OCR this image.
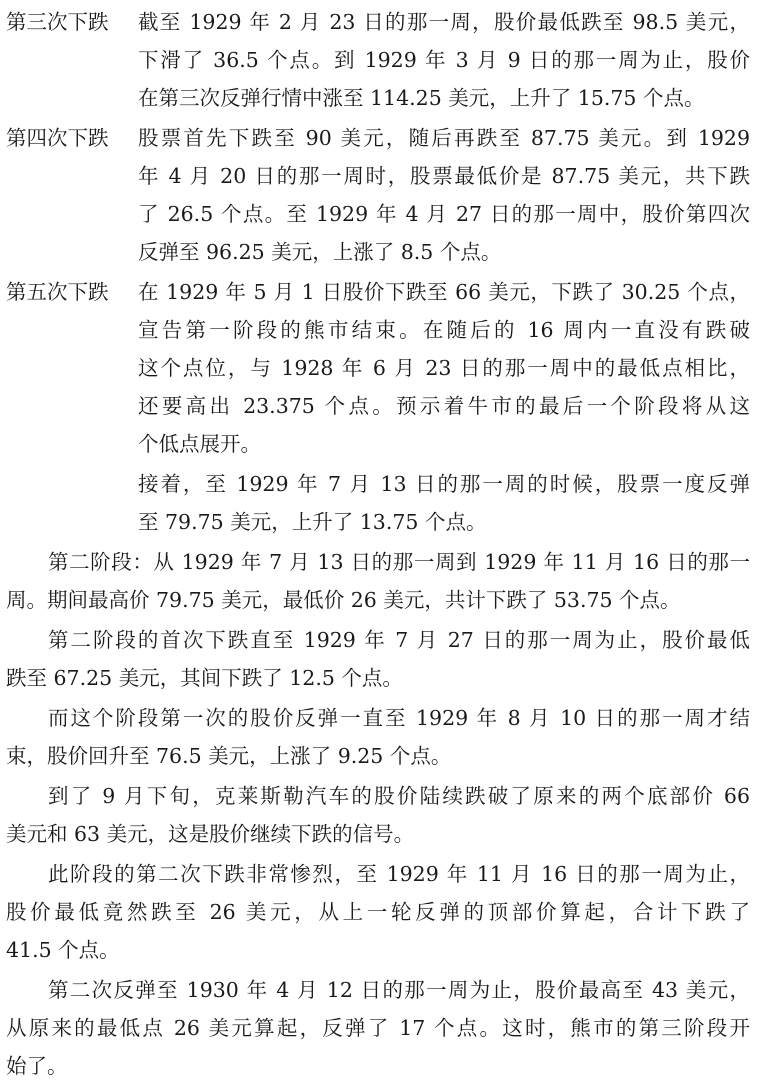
第三次下跌	截至 1929 年 2 月 23 日的那一周，股价最低跌至 98.5 美元，
下滑了 36.5 个点。到 1929 年 3 月 9 日的那一周为止，股价
在第三次反弹行情中涨至 114.25 美元，上升了 15.75 个点。
第四次下跌	股票首先下跌至 90 美元，随后再跌至 87.75 美元。到 1929
年 4 月 20 日的那一周时，股票最低价是 87.75 美元，共下跌
了 26.5 个点。至 1929 年 4 月 27 日的那一周中，股价第四次
反弹至 96.25 美元，上涨了 8.5 个点。
第五次下跌	在 1929 年 5 月 1 日股价下跌至 66 美元，下跌了 30.25 个点，
宣告第一阶段的熊市结束。在随后的 16 周内一直没有跌破
这个点位，与 1928 年 6 月 23 日的那一周中的最低点相比，
还要高出 23.375 个点。预示着牛市的最后一个阶段将从这
个低点展开。
接着，至 1929 年 7 月 13 日的那一周的时候，股票一度反弹
至 79.75 美元，上升了 13.75 个点。
第二阶段：从 1929 年 7 月 13 日的那一周到 1929 年 11 月 16 日的那一
周。期间最高价 79.75 美元，最低价 26 美元，共计下跌了 53.75 个点。
第二阶段的首次下跌直至 1929 年 7 月 27 日的那一周为止，股价最低
跌至 67.25 美元，其间下跌了 12.5 个点。
而这个阶段第一次的股价反弹一直至 1929 年 8 月 10 日的那一周才结
束，股价回升至 76.5 美元，上涨了 9.25 个点。
到了 9 月下旬，克莱斯勒汽车的股价陆续跌破了原来的两个底部价 66
美元和 63 美元，这是股价继续下跌的信号。
此阶段的第二次下跌非常惨烈，至 1929 年 11 月 16 日的那一周为止，
股价最低竟然跌至 26 美元，从上一轮反弹的顶部价算起，合计下跌了
41.5 个点。
第二次反弹至 1930 年 4 月 12 日的那一周为止，股价最高至 43 美元，
从原来的最低点 26 美元算起，反弹了 17 个点。这时，熊市的第三阶段开
始了。
